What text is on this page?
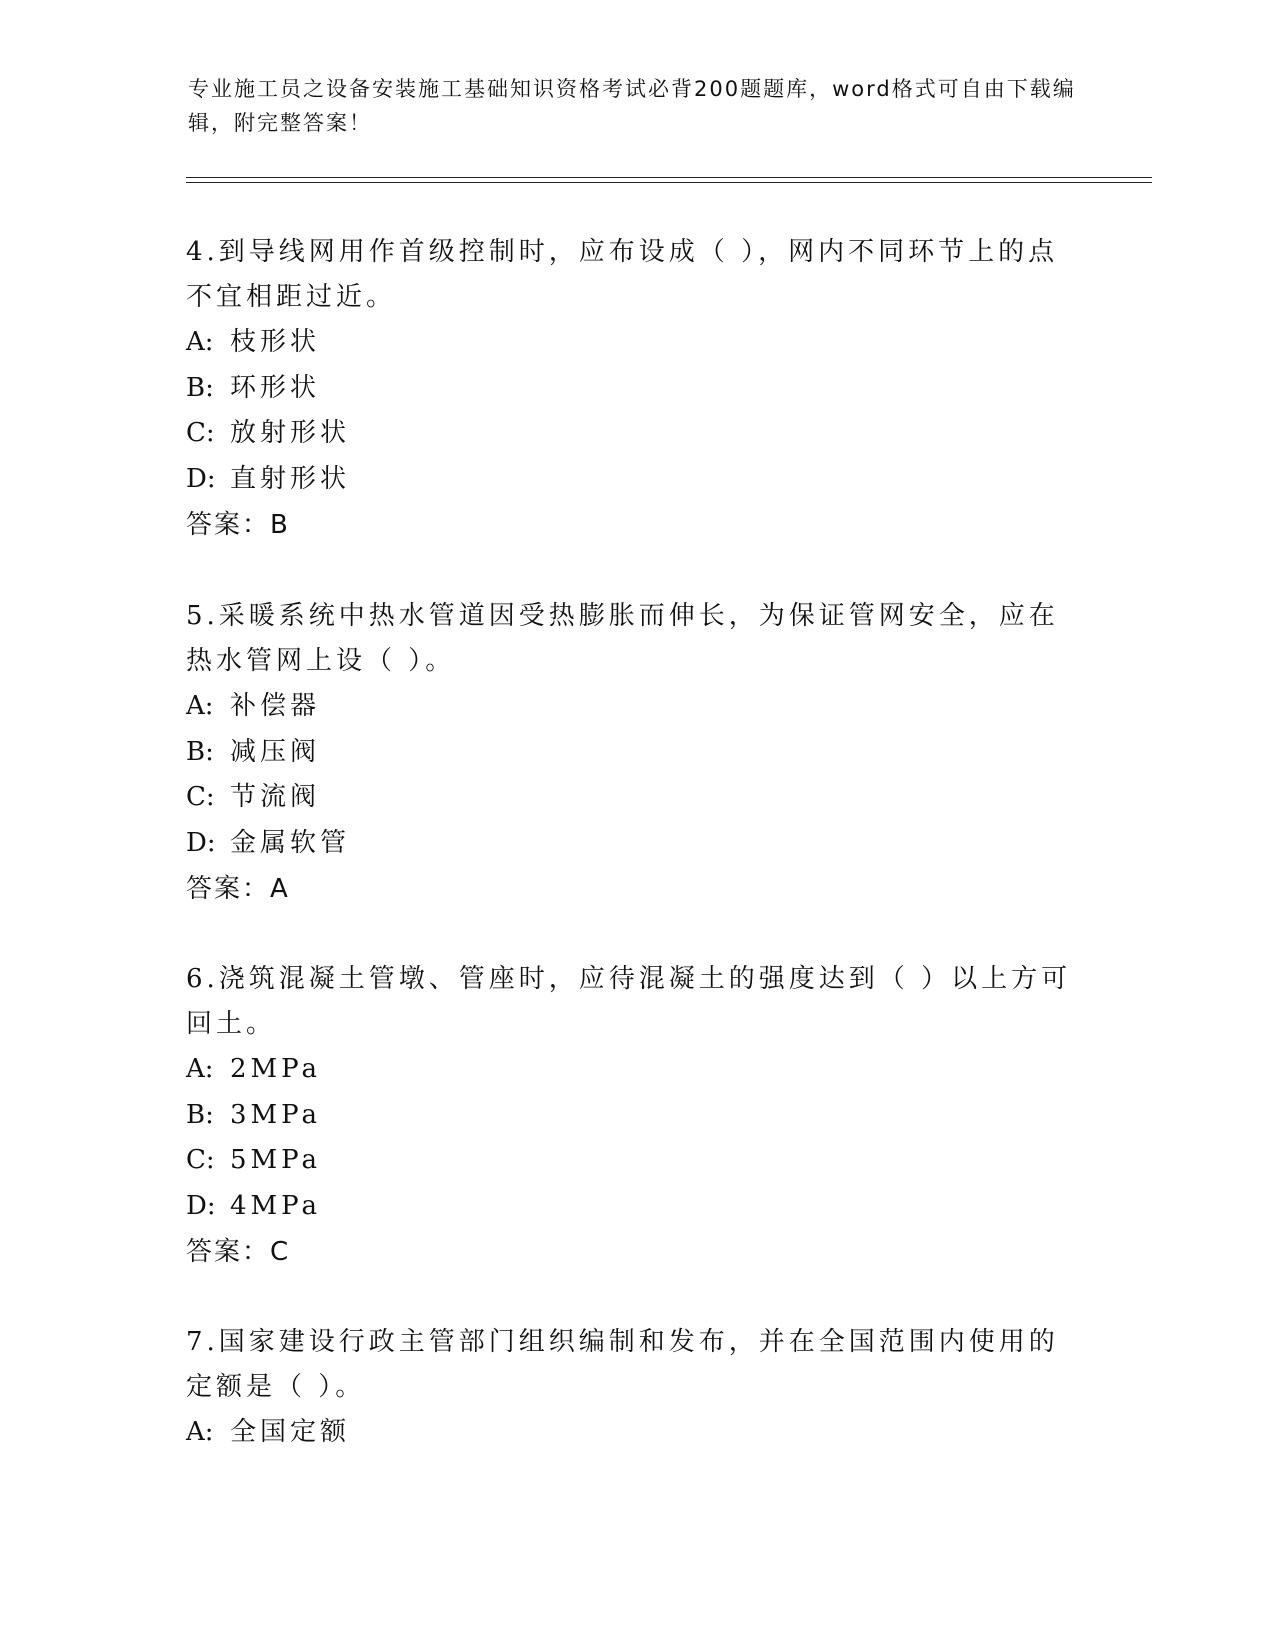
专业施工员之设备安装施工基础知识资格考试必背200题题库，word格式可自由下载编辑，附完整答案！

4.到导线网用作首级控制时，应布设成（ ），网内不同环节上的点不宜相距过近。

A: 枝形状

B: 环形状

C: 放射形状

D: 直射形状

答案：B

5.采暖系统中热水管道因受热膨胀而伸长，为保证管网安全，应在热水管网上设（ ）。

A: 补偿器

B: 减压阀

C: 节流阀

D: 金属软管

答案：A

6.浇筑混凝土管墩、管座时，应待混凝土的强度达到（ ）以上方可回土。

A: 2MPa

B: 3MPa

C: 5MPa

D: 4MPa

答案：C

7.国家建设行政主管部门组织编制和发布，并在全国范围内使用的定额是（ ）。

A: 全国定额
